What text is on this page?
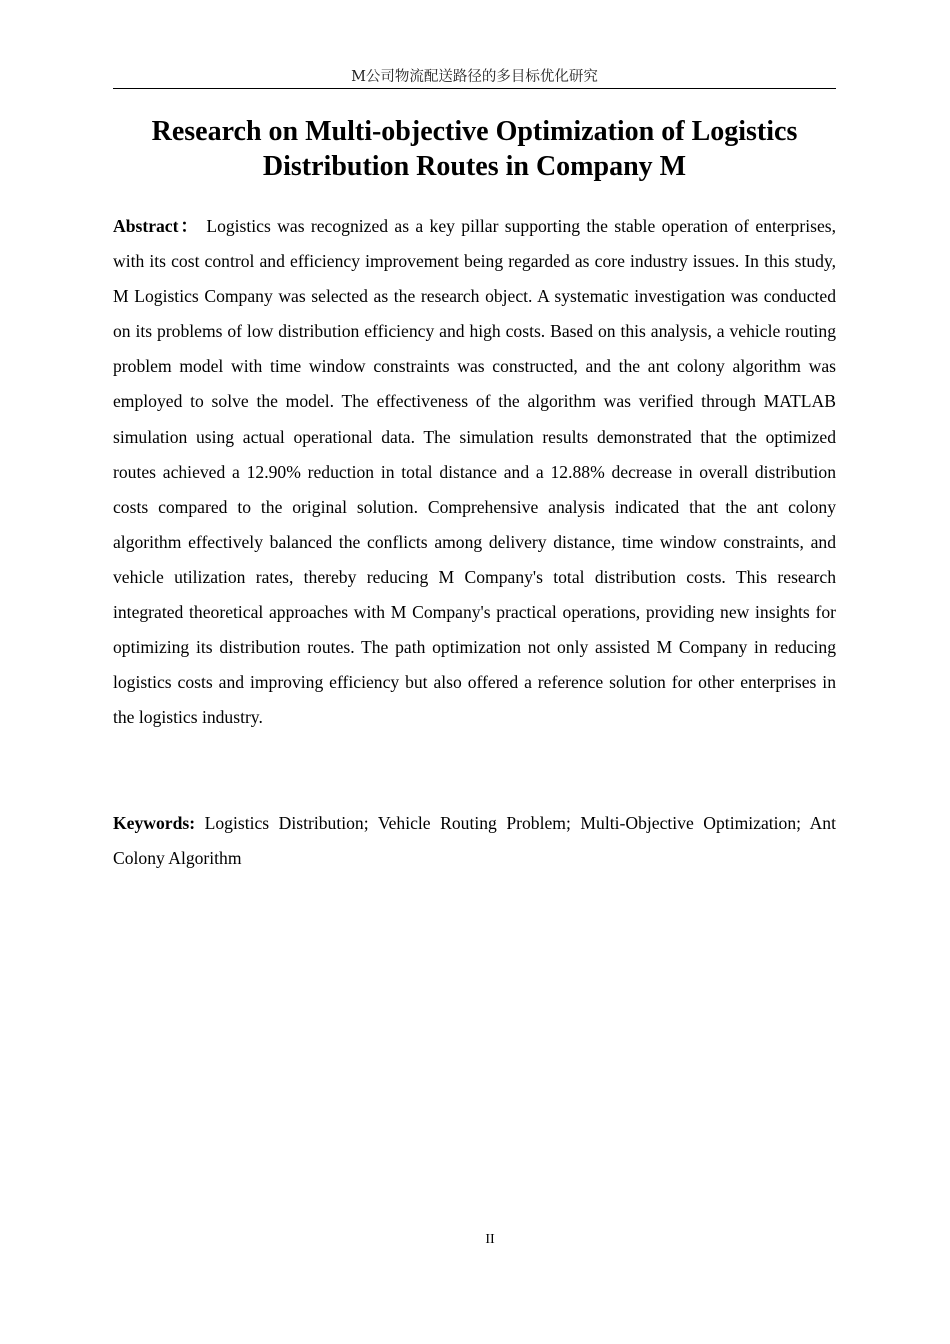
M公司物流配送路径的多目标优化研究
Research on Multi-objective Optimization of Logistics
Distribution Routes in Company M

Abstract： Logistics was recognized as a key pillar supporting the stable operation of enterprises, with its cost control and efficiency improvement being regarded as core industry issues. In this study, M Logistics Company was selected as the research object. A systematic investigation was conducted on its problems of low distribution efficiency and high costs. Based on this analysis, a vehicle routing problem model with time window constraints was constructed, and the ant colony algorithm was employed to solve the model. The effectiveness of the algorithm was verified through MATLAB simulation using actual operational data. The simulation results demonstrated that the optimized routes achieved a 12.90% reduction in total distance and a 12.88% decrease in overall distribution costs compared to the original solution. Comprehensive analysis indicated that the ant colony algorithm effectively balanced the conflicts among delivery distance, time window constraints, and vehicle utilization rates, thereby reducing M Company's total distribution costs. This research integrated theoretical approaches with M Company's practical operations, providing new insights for optimizing its distribution routes. The path optimization not only assisted M Company in reducing logistics costs and improving efficiency but also offered a reference solution for other enterprises in the logistics industry.

Keywords: Logistics Distribution; Vehicle Routing Problem; Multi-Objective Optimization; Ant Colony Algorithm

II
